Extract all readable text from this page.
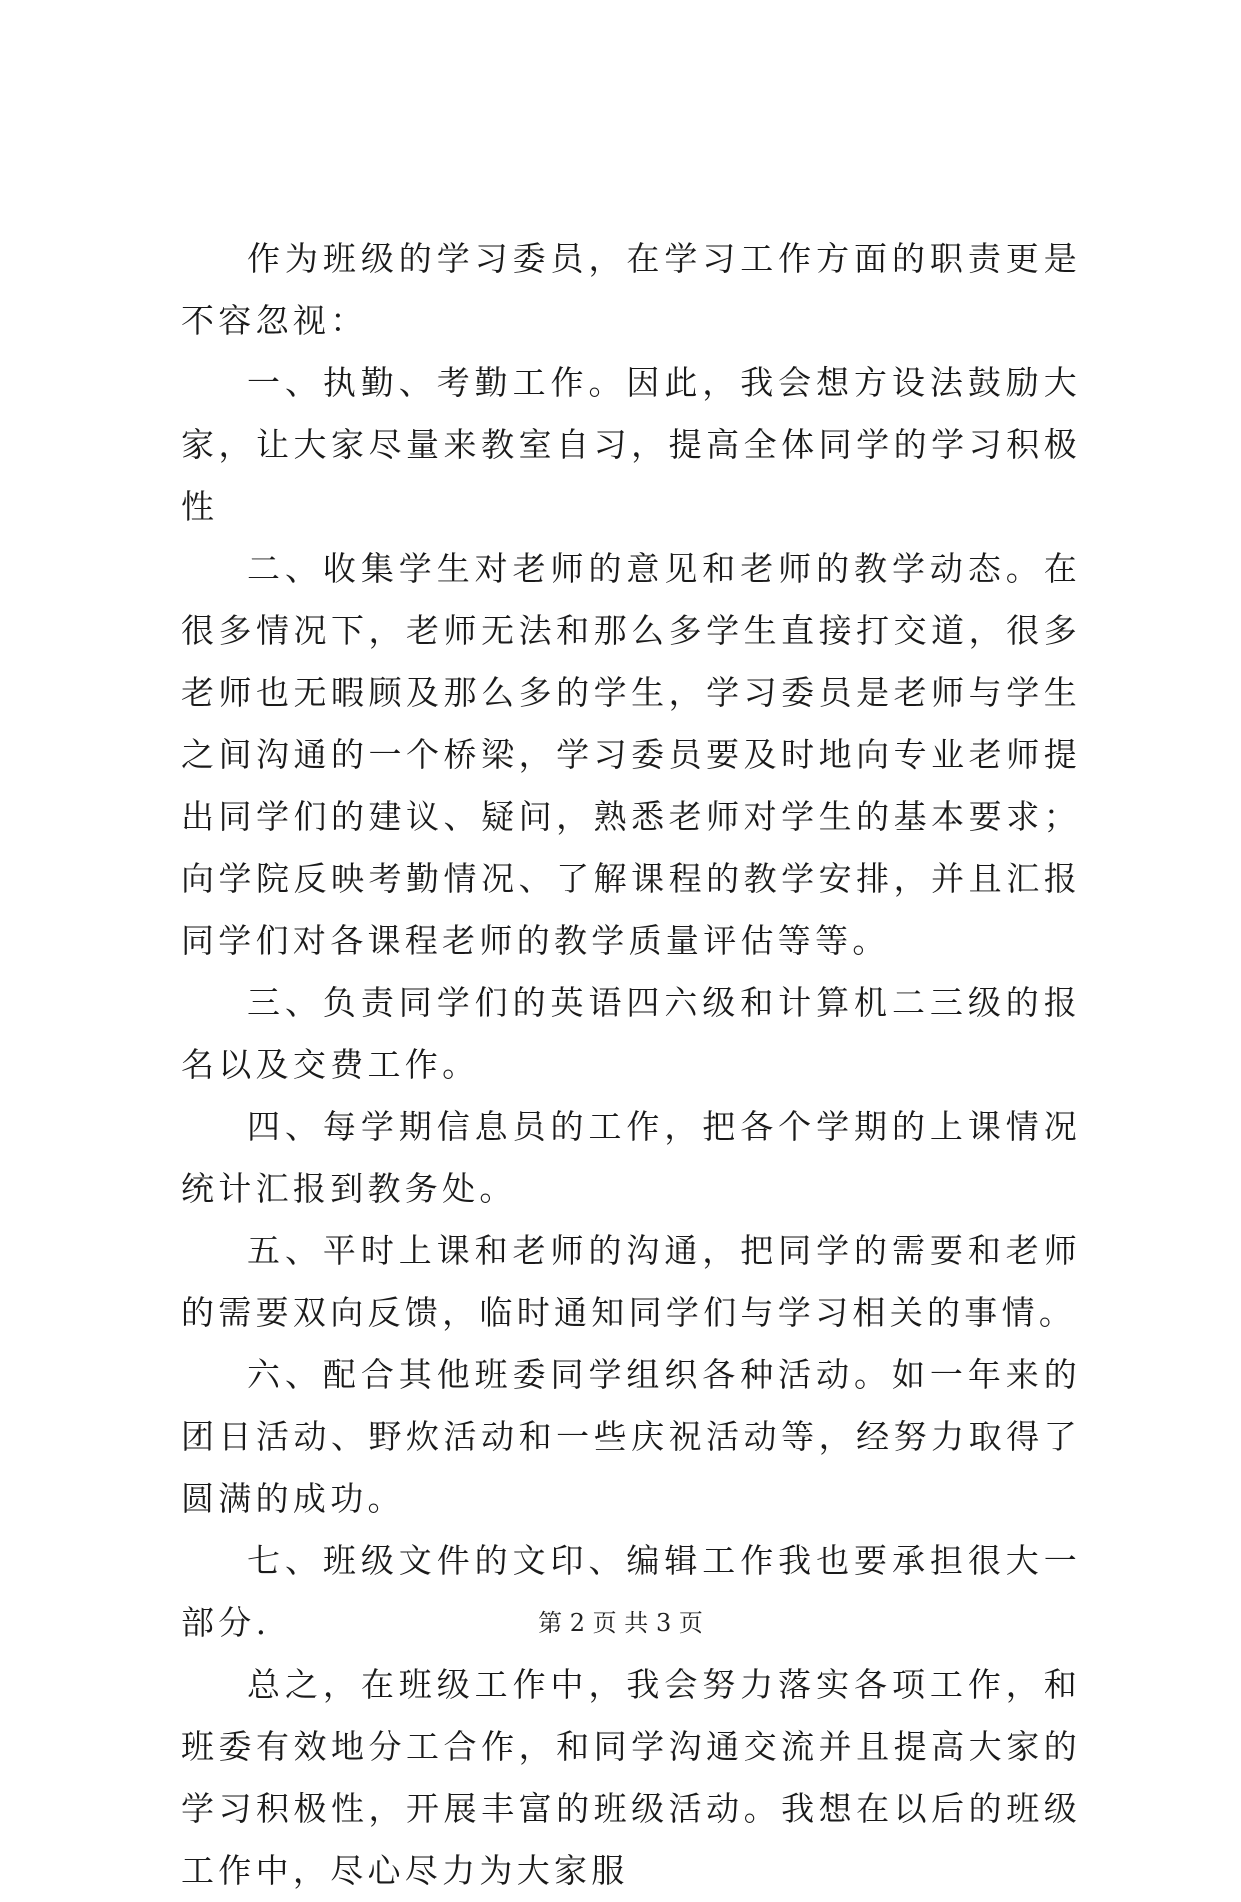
作为班级的学习委员，在学习工作方面的职责更是不容忽视：

一、执勤、考勤工作。因此，我会想方设法鼓励大家，让大家尽量来教室自习，提高全体同学的学习积极性

二、收集学生对老师的意见和老师的教学动态。在很多情况下，老师无法和那么多学生直接打交道，很多老师也无暇顾及那么多的学生，学习委员是老师与学生之间沟通的一个桥梁，学习委员要及时地向专业老师提出同学们的建议、疑问，熟悉老师对学生的基本要求；向学院反映考勤情况、了解课程的教学安排，并且汇报同学们对各课程老师的教学质量评估等等。

三、负责同学们的英语四六级和计算机二三级的报名以及交费工作。

四、每学期信息员的工作，把各个学期的上课情况统计汇报到教务处。

五、平时上课和老师的沟通，把同学的需要和老师的需要双向反馈，临时通知同学们与学习相关的事情。

六、配合其他班委同学组织各种活动。如一年来的团日活动、野炊活动和一些庆祝活动等，经努力取得了圆满的成功。

七、班级文件的文印、编辑工作我也要承担很大一部分.

总之，在班级工作中，我会努力落实各项工作，和班委有效地分工合作，和同学沟通交流并且提高大家的学习积极性，开展丰富的班级活动。我想在以后的班级工作中，尽心尽力为大家服

第 2 页 共 3 页
